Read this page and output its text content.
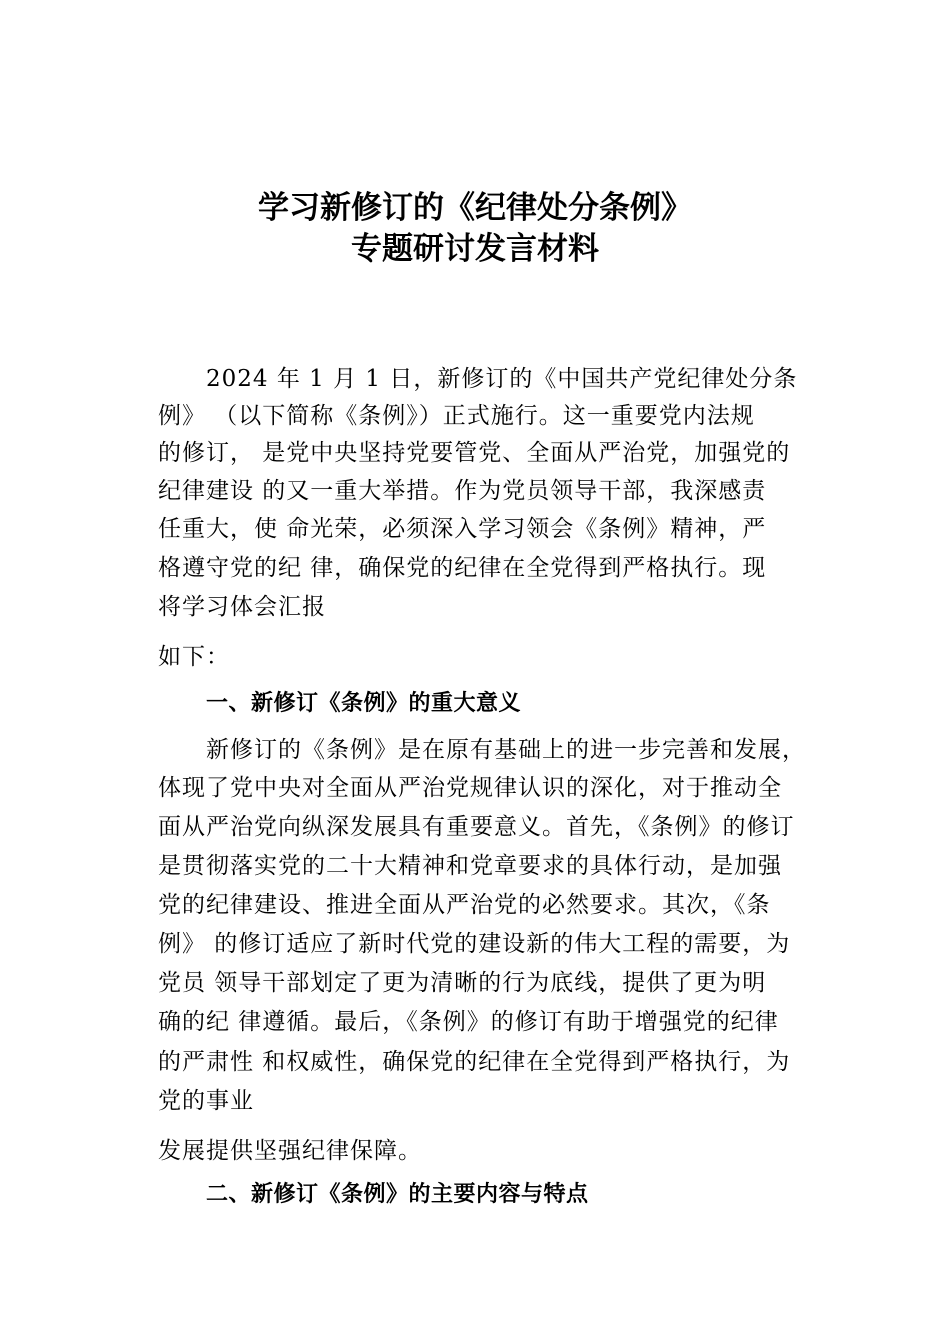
学习新修订的《纪律处分条例》
专题研讨发言材料
2024 年 1 月 1 日，新修订的《中国共产党纪律处分条
例》 （以下简称《条例》）正式施行。这一重要党内法规
的修订， 是党中央坚持党要管党、全面从严治党，加强党的
纪律建设 的又一重大举措。作为党员领导干部，我深感责
任重大，使 命光荣，必须深入学习领会《条例》精神，严
格遵守党的纪 律，确保党的纪律在全党得到严格执行。现
将学习体会汇报
如下：
一、新修订《条例》的重大意义
新修订的《条例》是在原有基础上的进一步完善和发展，
体现了党中央对全面从严治党规律认识的深化，对于推动全
面从严治党向纵深发展具有重要意义。首先，《条例》的修订
是贯彻落实党的二十大精神和党章要求的具体行动，是加强
党的纪律建设、推进全面从严治党的必然要求。其次，《条
例》 的修订适应了新时代党的建设新的伟大工程的需要，为
党员 领导干部划定了更为清晰的行为底线，提供了更为明
确的纪 律遵循。最后，《条例》的修订有助于增强党的纪律
的严肃性 和权威性，确保党的纪律在全党得到严格执行，为
党的事业
发展提供坚强纪律保障。
二、新修订《条例》的主要内容与特点
